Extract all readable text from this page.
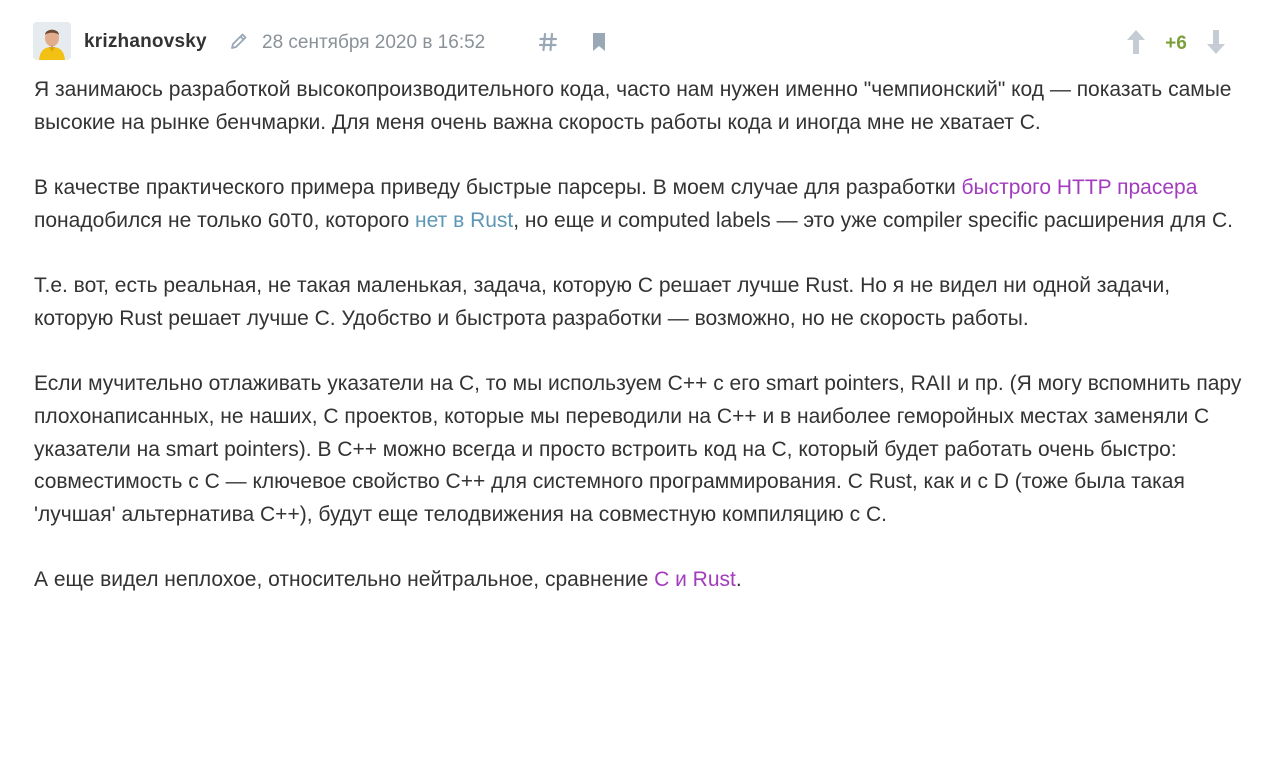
krizhanovsky	28 сентября 2020 в 16:52	+6

Я занимаюсь разработкой высокопроизводительного кода, часто нам нужен именно "чемпионский" код — показать самые высокие на рынке бенчмарки. Для меня очень важна скорость работы кода и иногда мне не хватает С.

В качестве практического примера приведу быстрые парсеры. В моем случае для разработки быстрого HTTP прасера понадобился не только GOTO, которого нет в Rust, но еще и computed labels — это уже compiler specific расширения для С.

Т.е. вот, есть реальная, не такая маленькая, задача, которую С решает лучше Rust. Но я не видел ни одной задачи, которую Rust решает лучше С. Удобство и быстрота разработки — возможно, но не скорость работы.

Если мучительно отлаживать указатели на С, то мы используем С++ с его smart pointers, RAII и пр. (Я могу вспомнить пару плохонаписанных, не наших, С проектов, которые мы переводили на С++ и в наиболее геморойных местах заменяли С указатели на smart pointers). В С++ можно всегда и просто встроить код на С, который будет работать очень быстро: совместимость с С — ключевое свойство С++ для системного программирования. С Rust, как и с D (тоже была такая 'лучшая' альтернатива С++), будут еще телодвижения на совместную компиляцию с С.

А еще видел неплохое, относительно нейтральное, сравнение C и Rust.
